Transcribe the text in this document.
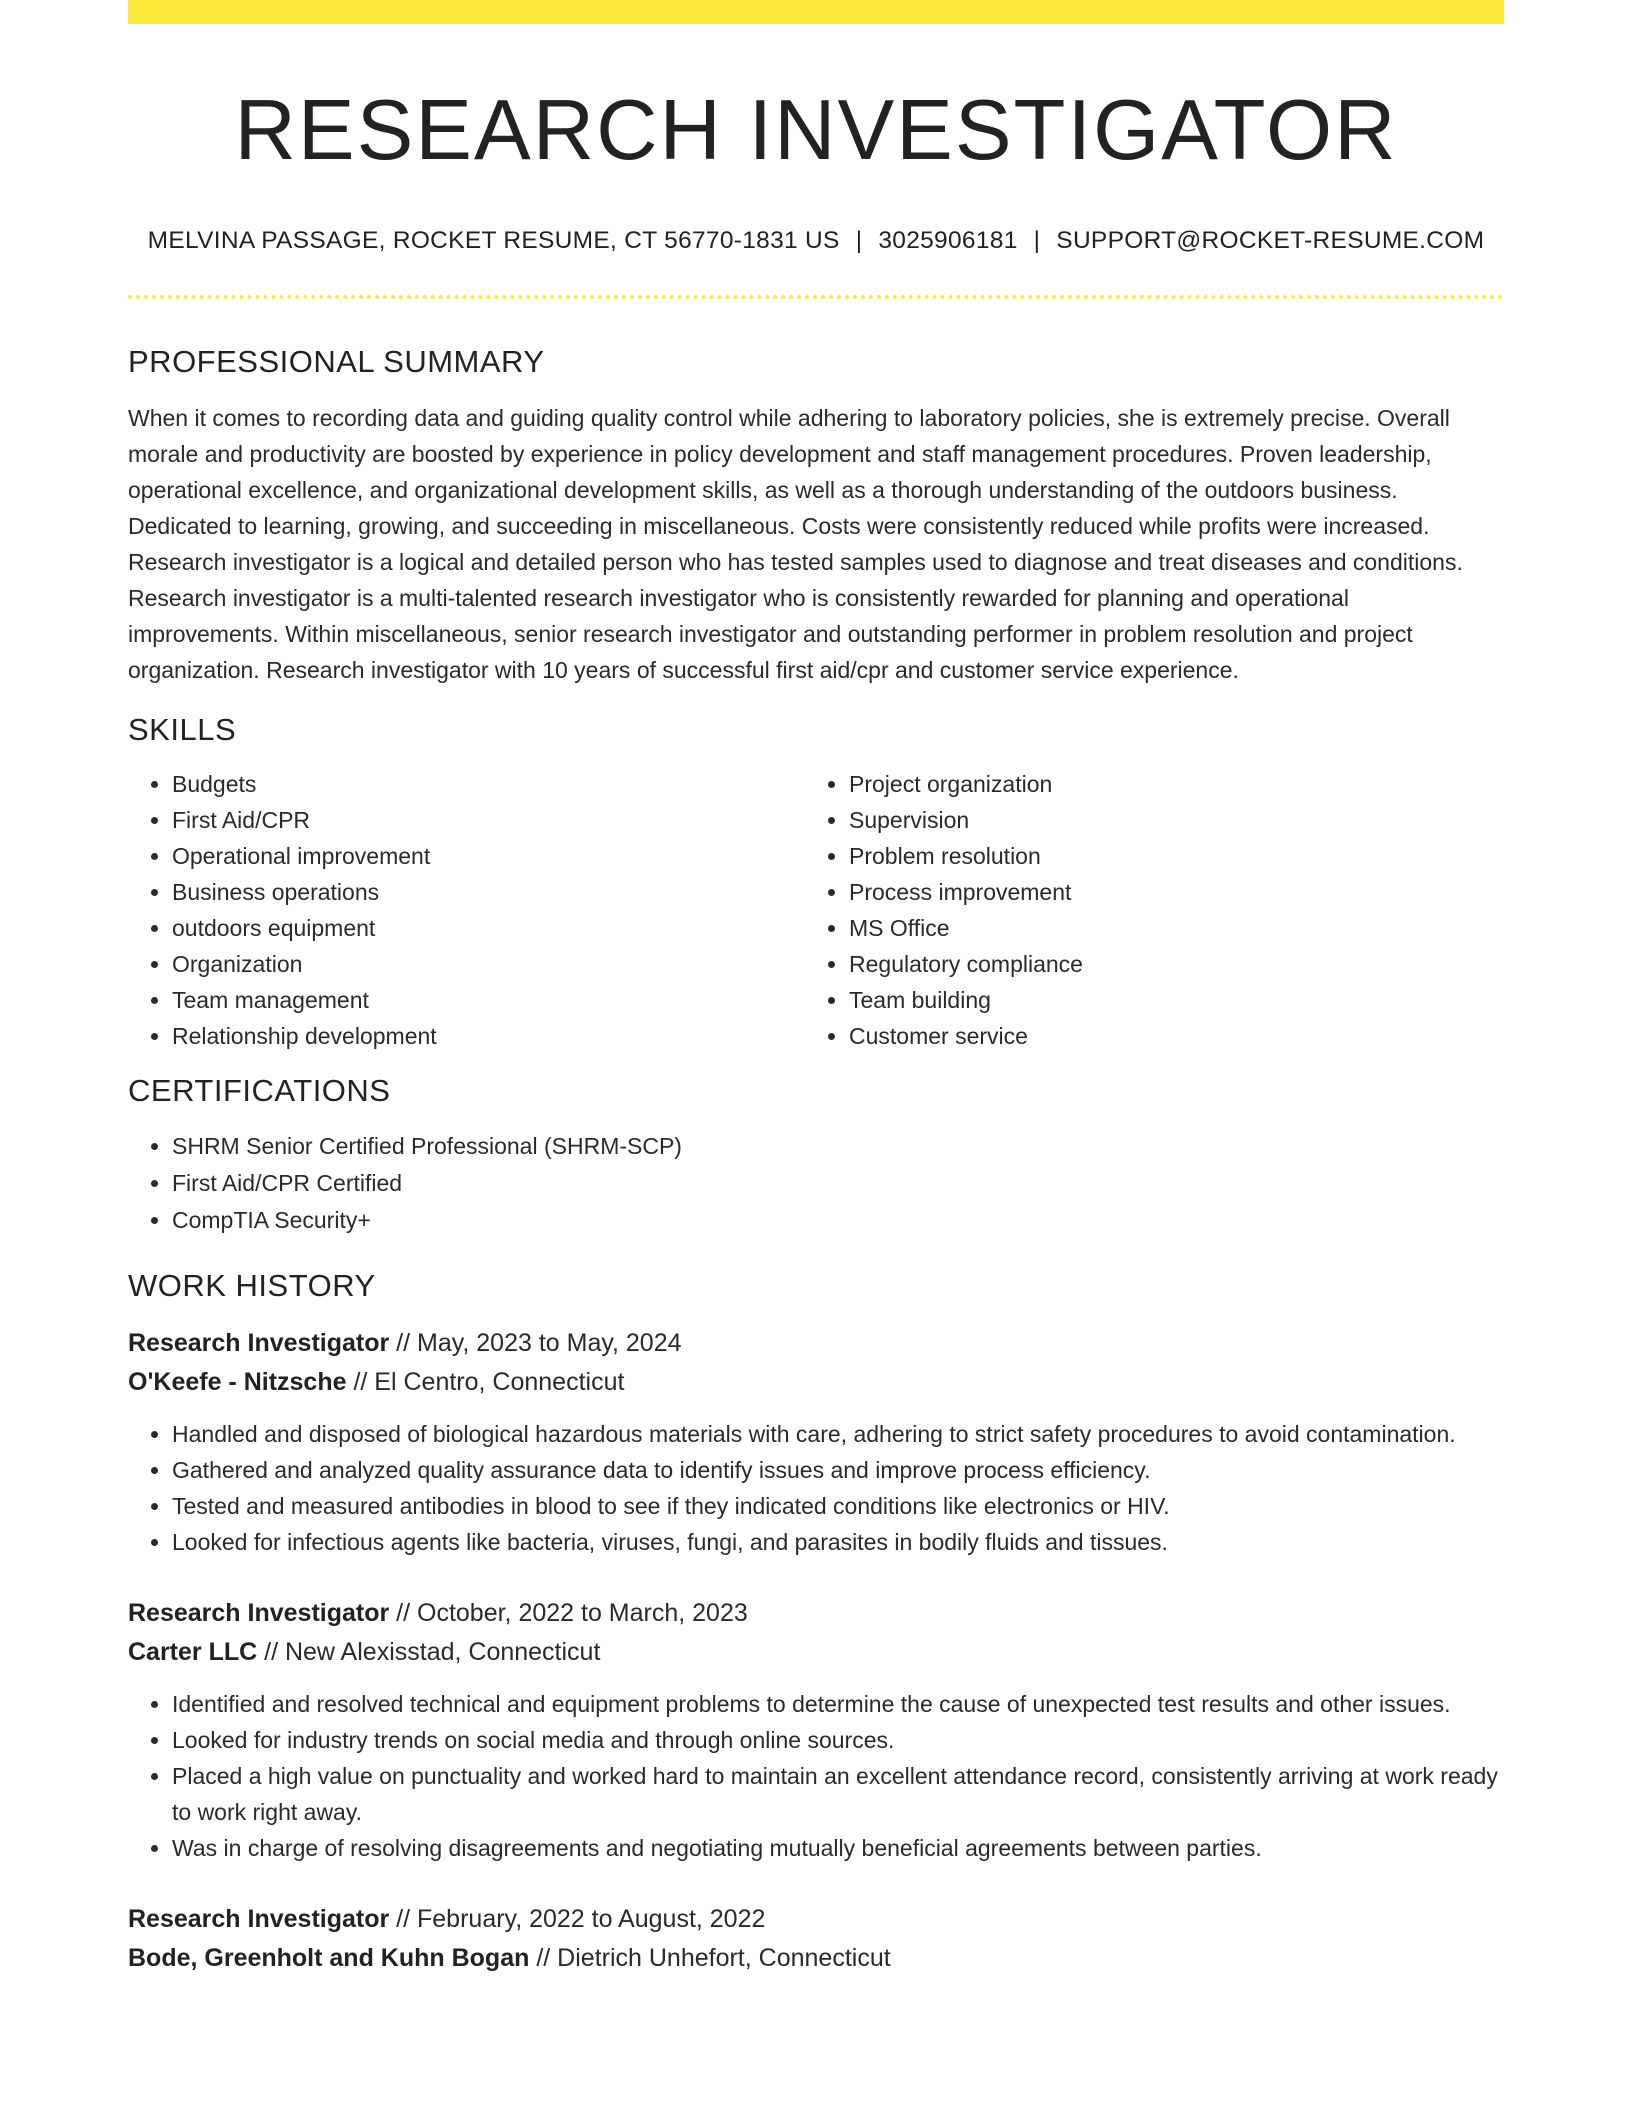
RESEARCH INVESTIGATOR
MELVINA PASSAGE, ROCKET RESUME, CT 56770-1831 US | 3025906181 | SUPPORT@ROCKET-RESUME.COM
PROFESSIONAL SUMMARY

When it comes to recording data and guiding quality control while adhering to laboratory policies, she is extremely precise. Overall morale and productivity are boosted by experience in policy development and staff management procedures. Proven leadership, operational excellence, and organizational development skills, as well as a thorough understanding of the outdoors business. Dedicated to learning, growing, and succeeding in miscellaneous. Costs were consistently reduced while profits were increased. Research investigator is a logical and detailed person who has tested samples used to diagnose and treat diseases and conditions. Research investigator is a multi-talented research investigator who is consistently rewarded for planning and operational improvements. Within miscellaneous, senior research investigator and outstanding performer in problem resolution and project organization. Research investigator with 10 years of successful first aid/cpr and customer service experience.

SKILLS
• Budgets
• First Aid/CPR
• Operational improvement
• Business operations
• outdoors equipment
• Organization
• Team management
• Relationship development
• Project organization
• Supervision
• Problem resolution
• Process improvement
• MS Office
• Regulatory compliance
• Team building
• Customer service
CERTIFICATIONS
• SHRM Senior Certified Professional (SHRM-SCP)
• First Aid/CPR Certified
• CompTIA Security+
WORK HISTORY
Research Investigator // May, 2023 to May, 2024
O'Keefe - Nitzsche // El Centro, Connecticut
• Handled and disposed of biological hazardous materials with care, adhering to strict safety procedures to avoid contamination.
• Gathered and analyzed quality assurance data to identify issues and improve process efficiency.
• Tested and measured antibodies in blood to see if they indicated conditions like electronics or HIV.
• Looked for infectious agents like bacteria, viruses, fungi, and parasites in bodily fluids and tissues.
Research Investigator // October, 2022 to March, 2023
Carter LLC // New Alexisstad, Connecticut
• Identified and resolved technical and equipment problems to determine the cause of unexpected test results and other issues.
• Looked for industry trends on social media and through online sources.
• Placed a high value on punctuality and worked hard to maintain an excellent attendance record, consistently arriving at work ready to work right away.
• Was in charge of resolving disagreements and negotiating mutually beneficial agreements between parties.
Research Investigator // February, 2022 to August, 2022
Bode, Greenholt and Kuhn Bogan // Dietrich Unhefort, Connecticut
